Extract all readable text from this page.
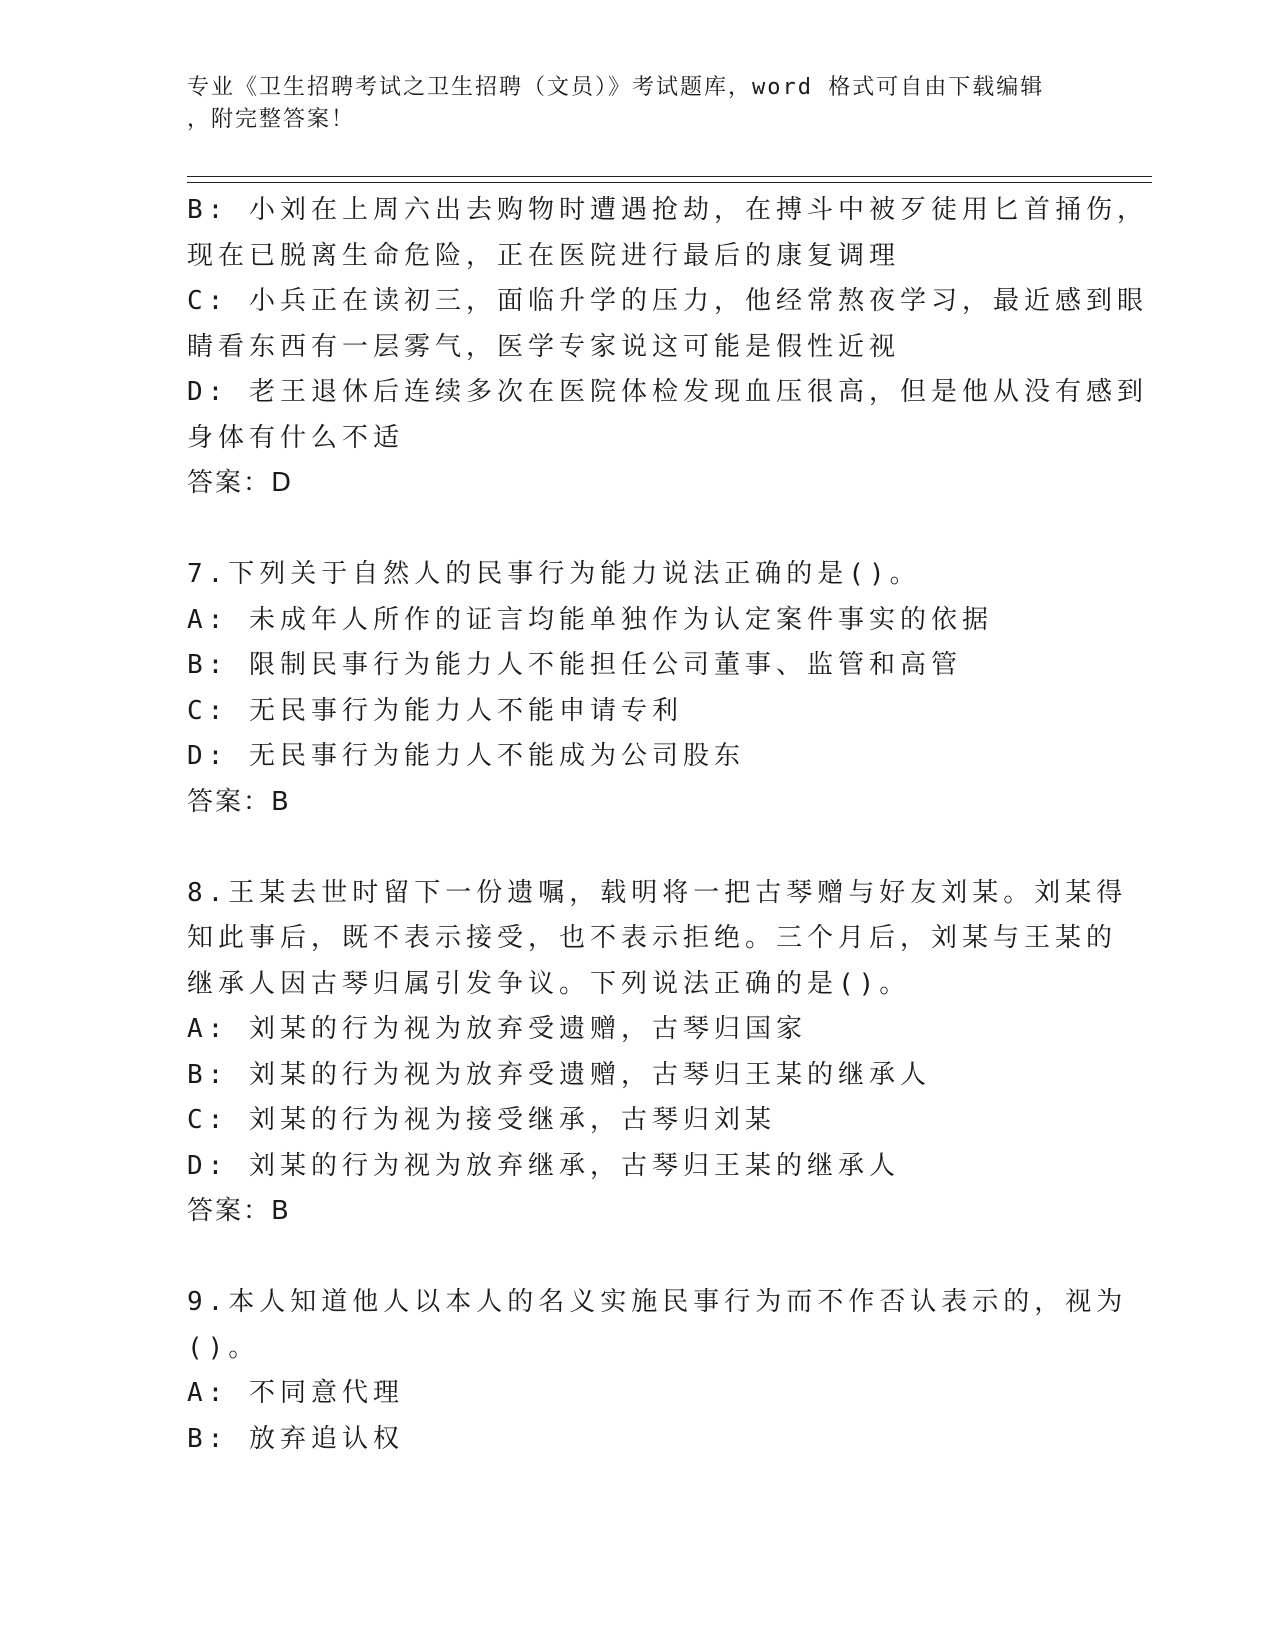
专业《卫生招聘考试之卫生招聘（文员）》考试题库，word 格式可自由下载编辑
，附完整答案！
B: 小刘在上周六出去购物时遭遇抢劫，在搏斗中被歹徒用匕首捅伤，
现在已脱离生命危险，正在医院进行最后的康复调理
C: 小兵正在读初三，面临升学的压力，他经常熬夜学习，最近感到眼
睛看东西有一层雾气，医学专家说这可能是假性近视
D: 老王退休后连续多次在医院体检发现血压很高，但是他从没有感到
身体有什么不适
答案：D
7.下列关于自然人的民事行为能力说法正确的是()。
A: 未成年人所作的证言均能单独作为认定案件事实的依据
B: 限制民事行为能力人不能担任公司董事、监管和高管
C: 无民事行为能力人不能申请专利
D: 无民事行为能力人不能成为公司股东
答案：B
8.王某去世时留下一份遗嘱，载明将一把古琴赠与好友刘某。刘某得
知此事后，既不表示接受，也不表示拒绝。三个月后，刘某与王某的
继承人因古琴归属引发争议。下列说法正确的是()。
A: 刘某的行为视为放弃受遗赠，古琴归国家
B: 刘某的行为视为放弃受遗赠，古琴归王某的继承人
C: 刘某的行为视为接受继承，古琴归刘某
D: 刘某的行为视为放弃继承，古琴归王某的继承人
答案：B
9.本人知道他人以本人的名义实施民事行为而不作否认表示的，视为
()。
A: 不同意代理
B: 放弃追认权
